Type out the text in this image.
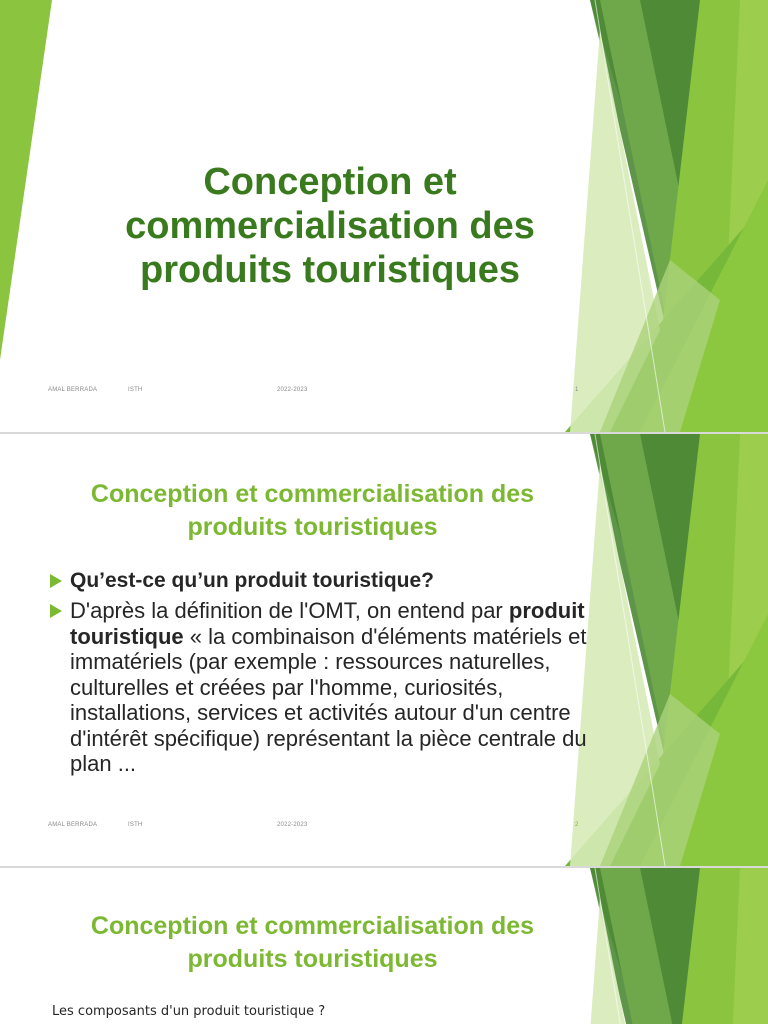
Conception et commercialisation des produits touristiques
AMAL BERRADA	ISTH	2022-2023	1
Conception et commercialisation des produits touristiques
Qu’est-ce qu’un produit touristique?
D'après la définition de l'OMT, on entend par produit touristique « la combinaison d'éléments matériels et immatériels (par exemple : ressources naturelles, culturelles et créées par l'homme, curiosités, installations, services et activités autour d'un centre d'intérêt spécifique) représentant la pièce centrale du plan ...
AMAL BERRADA	ISTH	2022-2023	2
Conception et commercialisation des produits touristiques
Les composants d'un produit touristique ?
